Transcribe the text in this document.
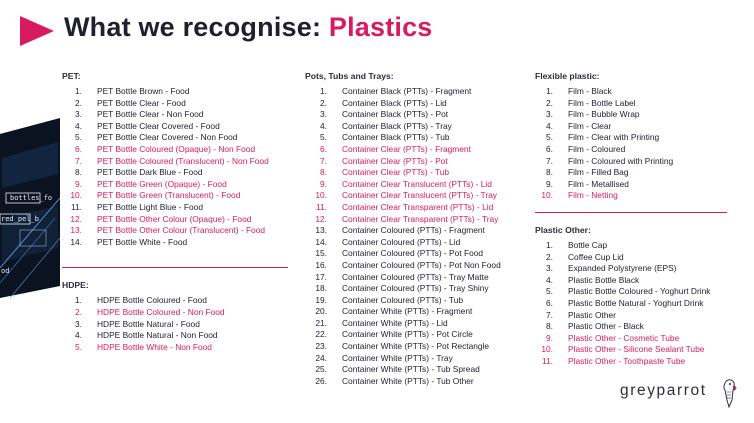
What we recognise: Plastics
bottles_fo
red_pel_b
od
PET:
1.	PET Bottle Brown - Food
2.	PET Bottle Clear - Food
3.	PET Bottle Clear - Non Food
4.	PET Bottle Clear Covered - Food
5.	PET Bottle Clear Covered - Non Food
6.	PET Bottle Coloured (Opaque) - Non Food
7.	PET Bottle Coloured (Translucent) - Non Food
8.	PET Bottle Dark Blue - Food
9.	PET Bottle Green (Opaque) - Food
10.	PET Bottle Green (Translucent) - Food
11.	PET Bottle Light Blue - Food
12.	PET Bottle Other Colour (Opaque) - Food
13.	PET Bottle Other Colour (Translucent) - Food
14.	PET Bottle White - Food
HDPE:
1.	HDPE Bottle Coloured - Food
2.	HDPE Bottle Coloured - Non Food
3.	HDPE Bottle Natural - Food
4.	HDPE Bottle Natural - Non Food
5.	HDPE Bottle White - Non Food
Pots, Tubs and Trays:
1.	Container Black (PTTs) - Fragment
2.	Container Black (PTTs) - Lid
3.	Container Black (PTTs) - Pot
4.	Container Black (PTTs) - Tray
5.	Container Black (PTTs) - Tub
6.	Container Clear (PTTs) - Fragment
7.	Container Clear (PTTs) - Pot
8.	Container Clear (PTTs) - Tub
9.	Container Clear Translucent (PTTs) - Lid
10.	Container Clear Translucent (PTTs) - Tray
11.	Container Clear Transparent (PTTs) - Lid
12.	Container Clear Transparent (PTTs) - Tray
13.	Container Coloured (PTTs) - Fragment
14.	Container Coloured (PTTs) - Lid
15.	Container Coloured (PTTs) - Pot Food
16.	Container Coloured (PTTs) - Pot Non Food
17.	Container Coloured (PTTs) - Tray Matte
18.	Container Coloured (PTTs) - Tray Shiny
19.	Container Coloured (PTTs) - Tub
20.	Container White (PTTs) - Fragment
21.	Container White (PTTs) - Lid
22.	Container White (PTTs) - Pot Circle
23.	Container White (PTTs) - Pot Rectangle
24.	Container White (PTTs) - Tray
25.	Container White (PTTs) - Tub Spread
26.	Container White (PTTs) - Tub Other
Flexible plastic:
1.	Film - Black
2.	Film - Bottle Label
3.	Film - Bubble Wrap
4.	Film - Clear
5.	Film - Clear with Printing
6.	Film - Coloured
7.	Film - Coloured with Printing
8.	Film - Filled Bag
9.	Film - Metallised
10.	Film - Netting
Plastic Other:
1.	Bottle Cap
2.	Coffee Cup Lid
3.	Expanded Polystyrene (EPS)
4.	Plastic Bottle Black
5.	Plastic Bottle Coloured - Yoghurt Drink
6.	Plastic Bottle Natural - Yoghurt Drink
7.	Plastic Other
8.	Plastic Other - Black
9.	Plastic Other - Cosmetic Tube
10.	Plastic Other - Silicone Sealant Tube
11.	Plastic Other - Toothpaste Tube
greyparrot
